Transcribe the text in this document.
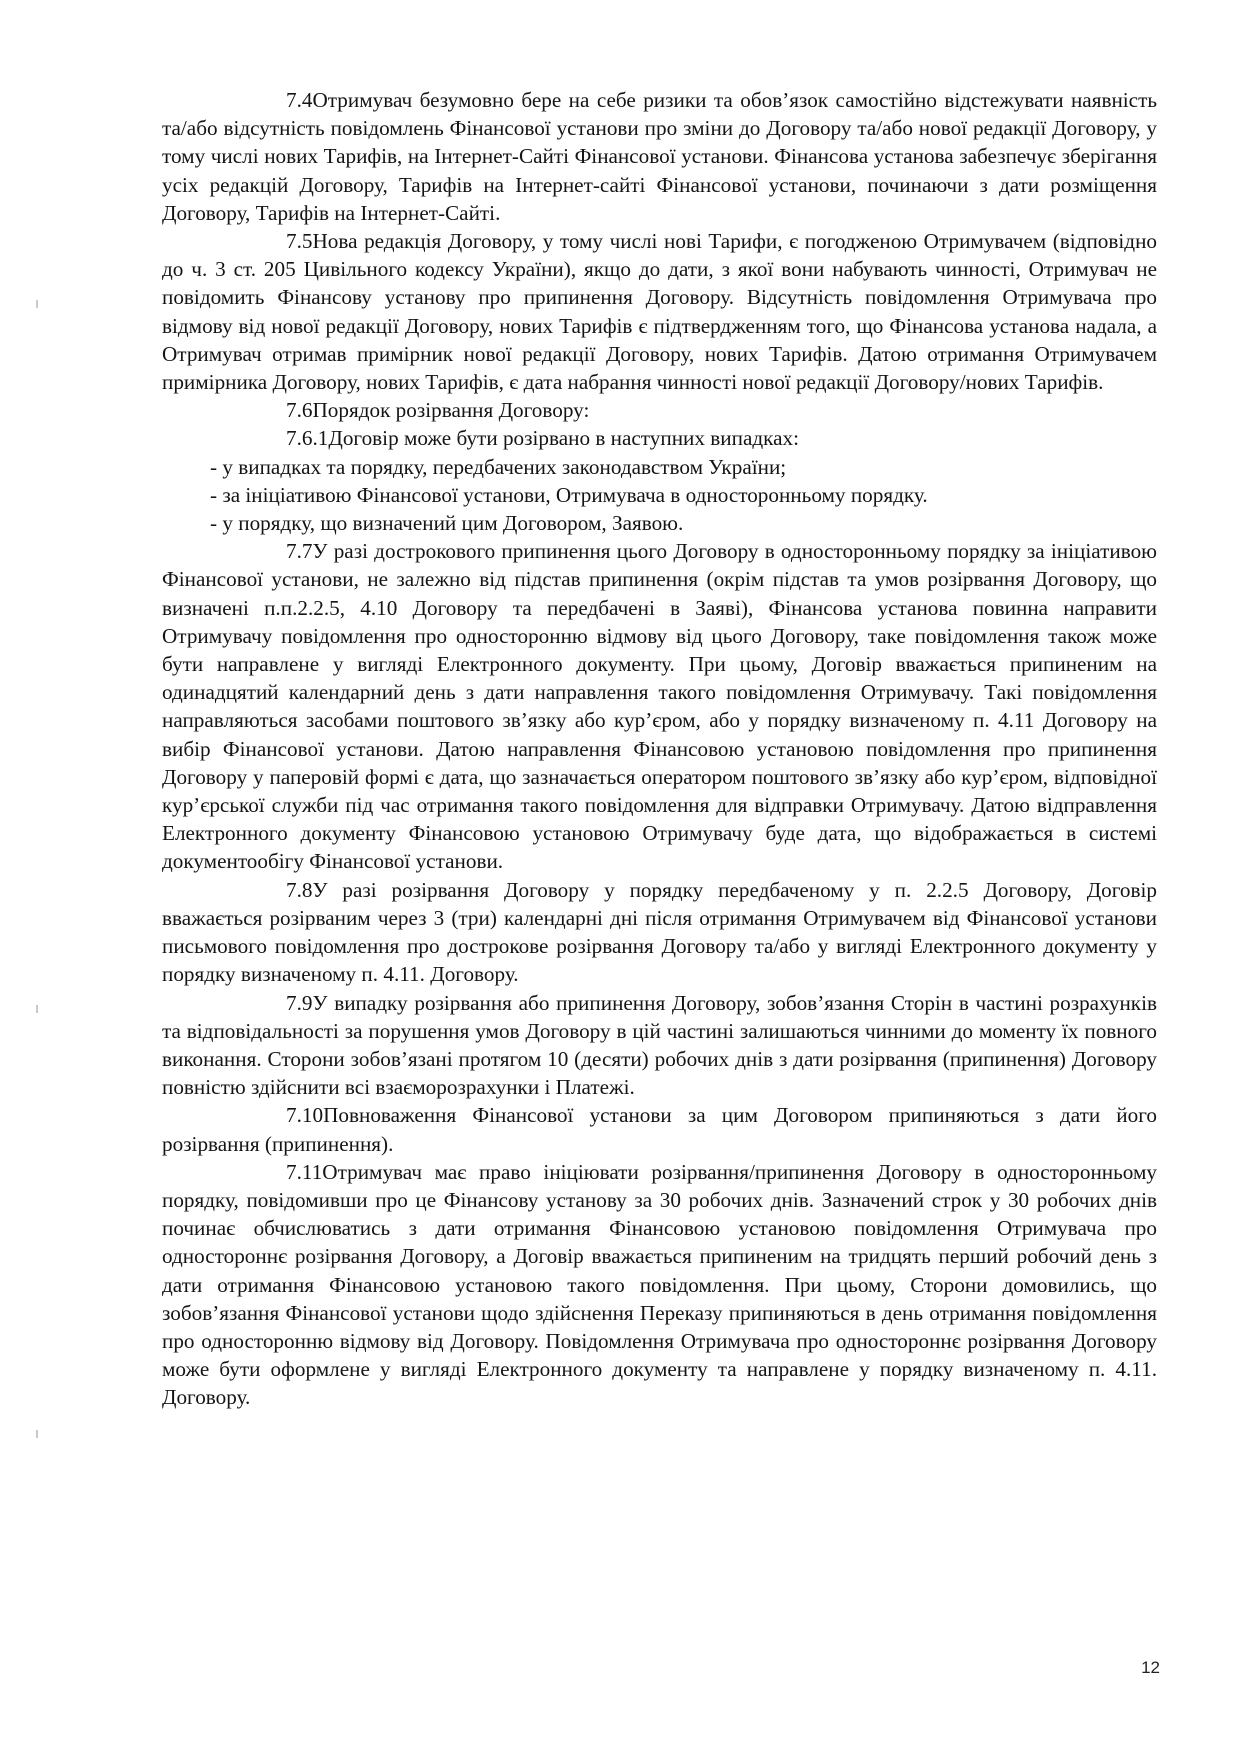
7.4Отримувач безумовно бере на себе ризики та обов’язок самостійно відстежувати наявність та/або відсутність повідомлень Фінансової установи про зміни до Договору та/або нової редакції Договору, у тому числі нових Тарифів, на Інтернет-Сайті Фінансової установи. Фінансова установа забезпечує зберігання усіх редакцій Договору, Тарифів на Інтернет-сайті Фінансової установи, починаючи з дати розміщення Договору, Тарифів на Інтернет-Сайті.

7.5Нова редакція Договору, у тому числі нові Тарифи, є погодженою Отримувачем (відповідно до ч. 3 ст. 205 Цивільного кодексу України), якщо до дати, з якої вони набувають чинності, Отримувач не повідомить Фінансову установу про припинення Договору. Відсутність повідомлення Отримувача про відмову від нової редакції Договору, нових Тарифів є підтвердженням того, що Фінансова установа надала, а Отримувач отримав примірник нової редакції Договору, нових Тарифів. Датою отримання Отримувачем примірника Договору, нових Тарифів, є дата набрання чинності нової редакції Договору/нових Тарифів.

7.6Порядок розірвання Договору:

7.6.1Договір може бути розірвано в наступних випадках:

- у випадках та порядку, передбачених законодавством України;

- за ініціативою Фінансової установи, Отримувача в односторонньому порядку.

- у порядку, що визначений цим Договором, Заявою.

7.7У разі дострокового припинення цього Договору в односторонньому порядку за ініціативою Фінансової установи, не залежно від підстав припинення (окрім підстав та умов розірвання Договору, що визначені п.п.2.2.5, 4.10 Договору та передбачені в Заяві), Фінансова установа повинна направити Отримувачу повідомлення про односторонню відмову від цього Договору, таке повідомлення також може бути направлене у вигляді Електронного документу. При цьому, Договір вважається припиненим на одинадцятий календарний день з дати направлення такого повідомлення Отримувачу. Такі повідомлення направляються засобами поштового зв’язку або кур’єром, або у порядку визначеному п. 4.11 Договору на вибір Фінансової установи. Датою направлення Фінансовою установою повідомлення про припинення Договору у паперовій формі є дата, що зазначається оператором поштового зв’язку або кур’єром, відповідної кур’єрської служби під час отримання такого повідомлення для відправки Отримувачу. Датою відправлення Електронного документу Фінансовою установою Отримувачу буде дата, що відображається в системі документообігу Фінансової установи.

7.8У разі розірвання Договору у порядку передбаченому у п. 2.2.5 Договору, Договір вважається розірваним через 3 (три) календарні дні після отримання Отримувачем від Фінансової установи письмового повідомлення про дострокове розірвання Договору та/або у вигляді Електронного документу у порядку визначеному п. 4.11. Договору.

7.9У випадку розірвання або припинення Договору, зобов’язання Сторін в частині розрахунків та відповідальності за порушення умов Договору в цій частині залишаються чинними до моменту їх повного виконання. Сторони зобов’язані протягом 10 (десяти) робочих днів з дати розірвання (припинення) Договору повністю здійснити всі взаєморозрахунки і Платежі.

7.10Повноваження Фінансової установи за цим Договором припиняються з дати його розірвання (припинення).

7.11Отримувач має право ініціювати розірвання/припинення Договору в односторонньому порядку, повідомивши про це Фінансову установу за 30 робочих днів. Зазначений строк у 30 робочих днів починає обчислюватись з дати отримання Фінансовою установою повідомлення Отримувача про одностороннє розірвання Договору, а Договір вважається припиненим на тридцять перший робочий день з дати отримання Фінансовою установою такого повідомлення. При цьому, Сторони домовились, що зобов’язання Фінансової установи щодо здійснення Переказу припиняються в день отримання повідомлення про односторонню відмову від Договору. Повідомлення Отримувача про одностороннє розірвання Договору може бути оформлене у вигляді Електронного документу та направлене у порядку визначеному п. 4.11. Договору.

12
